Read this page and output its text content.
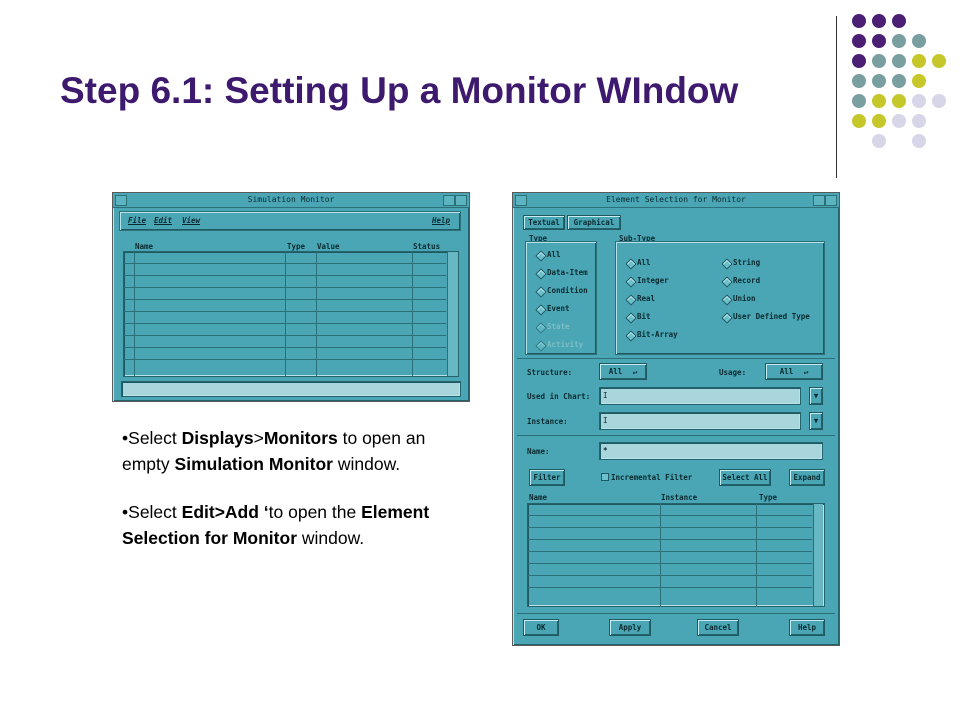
Step 6.1: Setting Up a Monitor WIndow
Simulation Monitor
File Edit View	Help
Name	Type Value	Status
Element Selection for Monitor
Textual	Graphical
Type
All
Data-Item
Condition
Event
State
Activity
Sub-Type
All
Integer
Real
Bit
Bit-Array
String
Record
Union
User Defined Type
Structure:	All ↵	Usage:	All ↵
Used in Chart: I	▼
Instance:	I	▼
Name:	*
Filter	Incremental Filter	Select All	Expand
Name	Instance	Type
OK	Apply	Cancel	Help

•Select Displays>Monitors to open an empty Simulation Monitor window.

•Select Edit>Add ‘to open the Element Selection for Monitor window.
